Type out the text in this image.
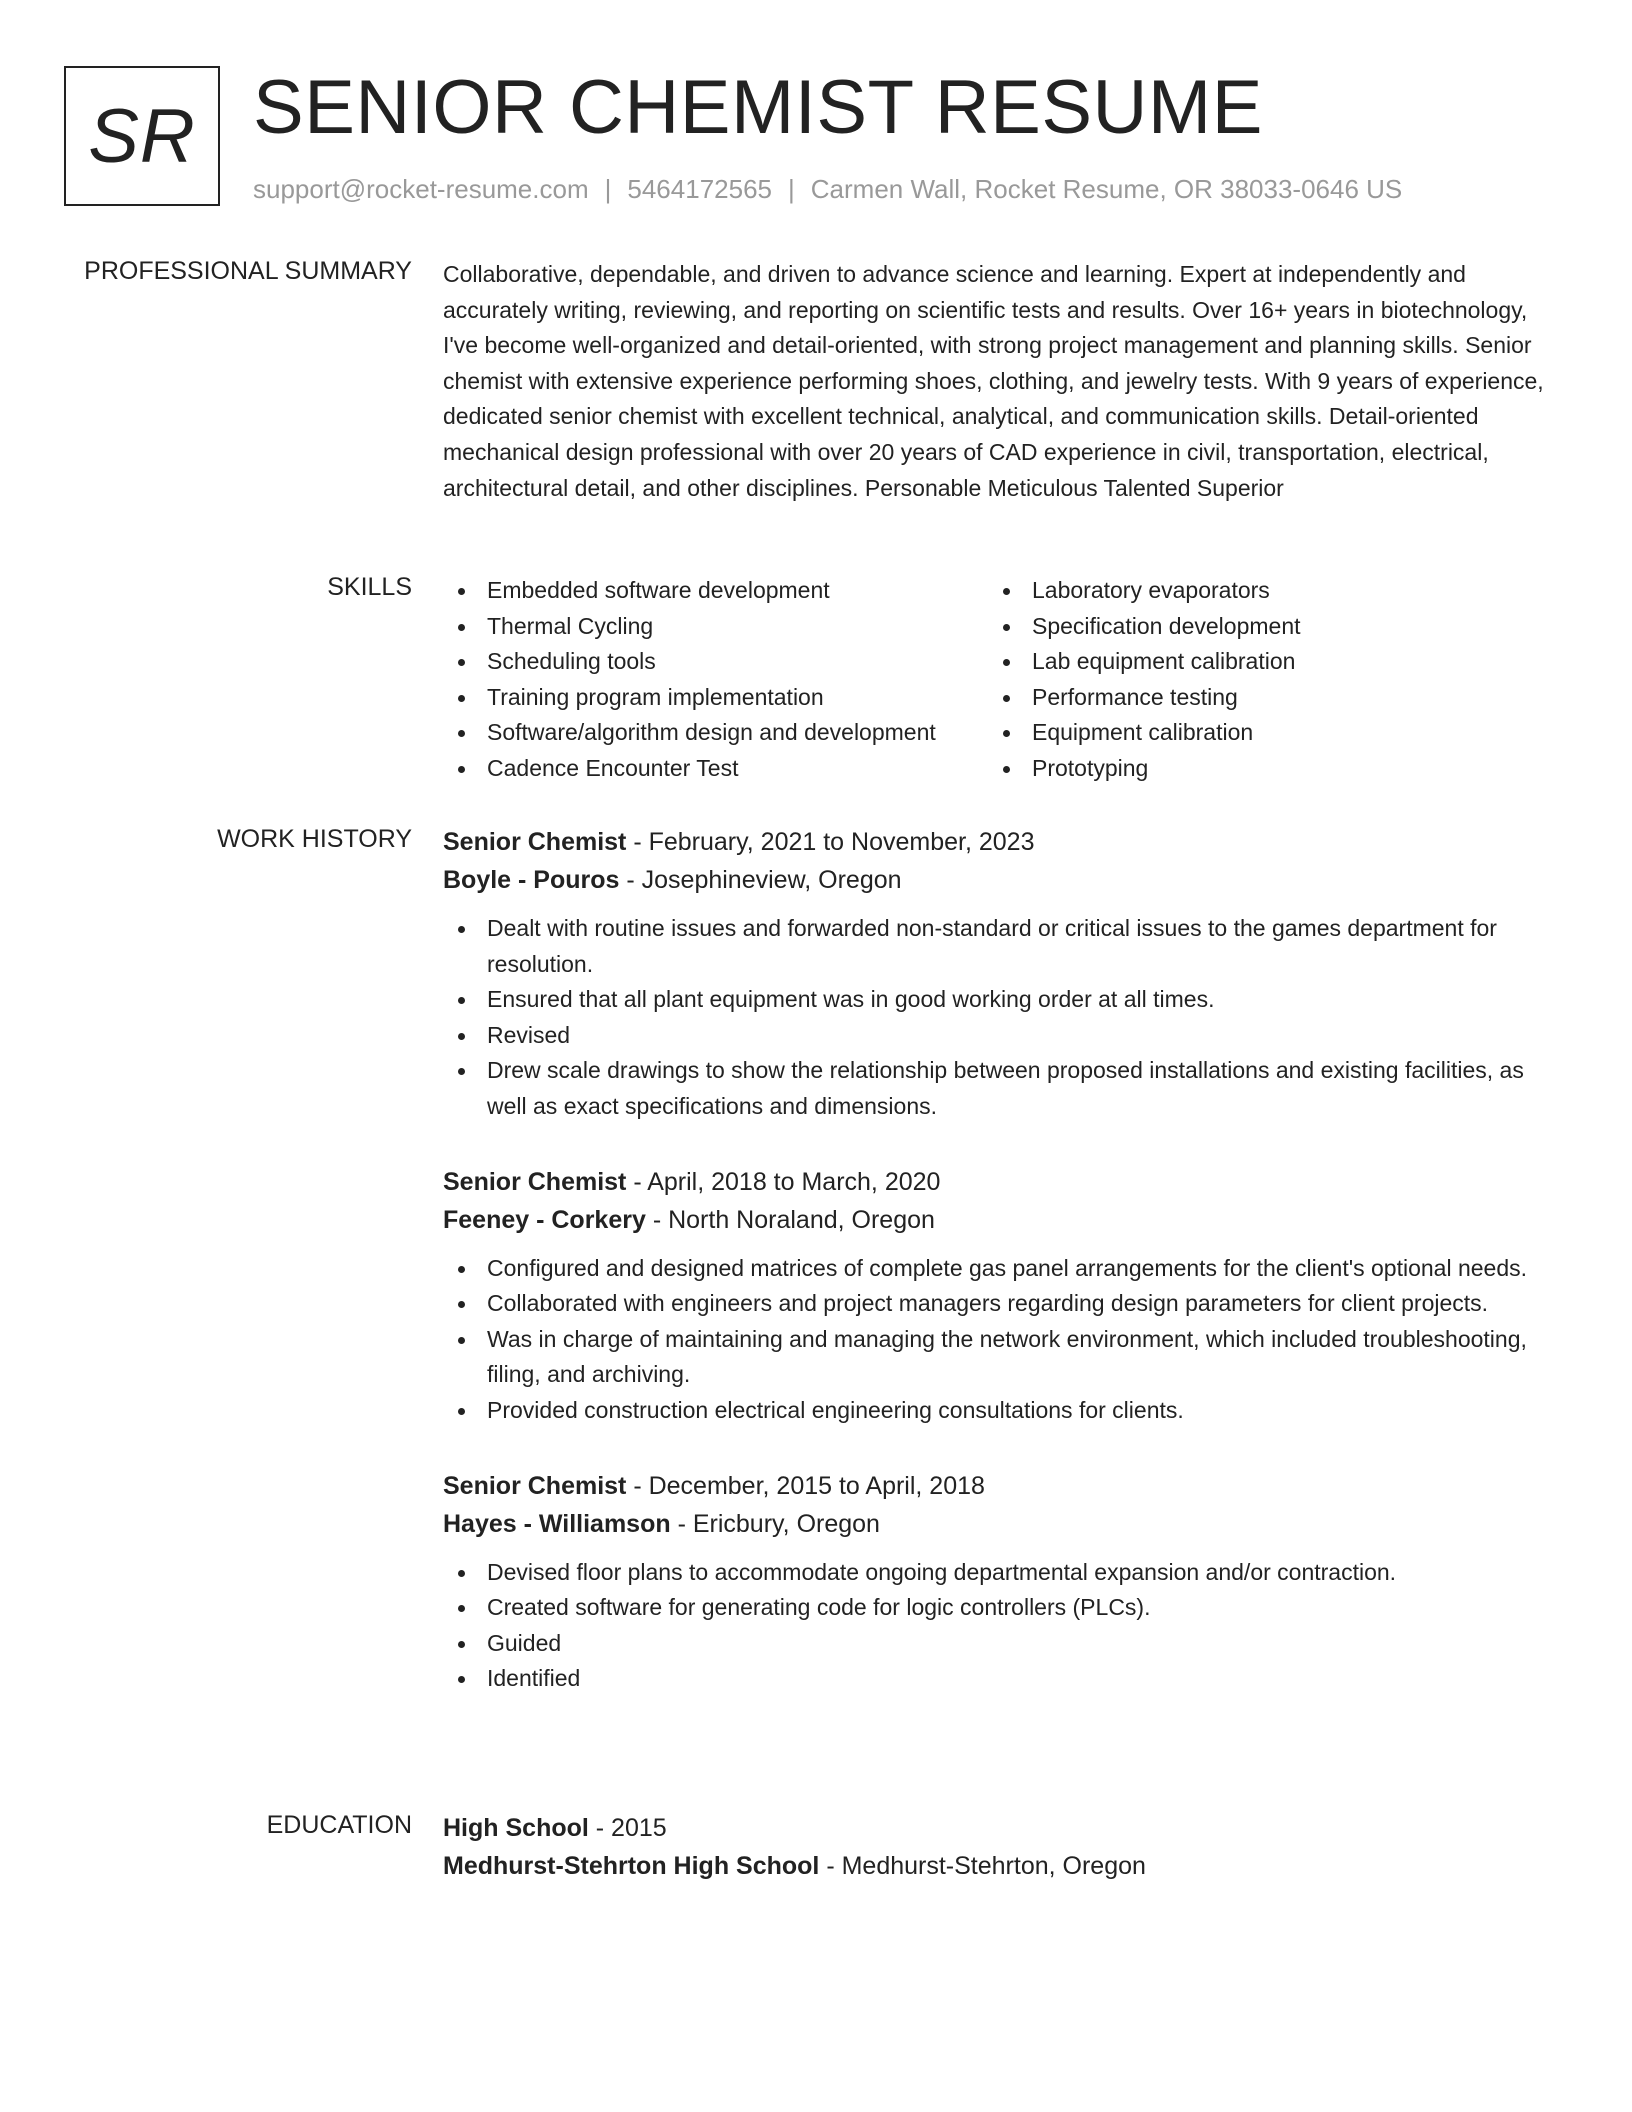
SR SENIOR CHEMIST RESUME
support@rocket-resume.com | 5464172565 | Carmen Wall, Rocket Resume, OR 38033-0646 US
PROFESSIONAL SUMMARY Collaborative, dependable, and driven to advance science and learning. Expert at independently and accurately writing, reviewing, and reporting on scientific tests and results. Over 16+ years in biotechnology, I've become well-organized and detail-oriented, with strong project management and planning skills. Senior chemist with extensive experience performing shoes, clothing, and jewelry tests. With 9 years of experience, dedicated senior chemist with excellent technical, analytical, and communication skills. Detail-oriented mechanical design professional with over 20 years of CAD experience in civil, transportation, electrical, architectural detail, and other disciplines. Personable Meticulous Talented Superior

SKILLS	Embedded software development
Thermal Cycling
Scheduling tools
Training program implementation
Software/algorithm design and development
Cadence Encounter Test
Laboratory evaporators
Specification development
Lab equipment calibration
Performance testing
Equipment calibration
Prototyping
WORK HISTORY Senior Chemist - February, 2021 to November, 2023
Boyle - Pouros - Josephineview, Oregon
Dealt with routine issues and forwarded non-standard or critical issues to the games department for resolution.
Ensured that all plant equipment was in good working order at all times.
Revised
Drew scale drawings to show the relationship between proposed installations and existing facilities, as well as exact specifications and dimensions.
Senior Chemist - April, 2018 to March, 2020
Feeney - Corkery - North Noraland, Oregon
Configured and designed matrices of complete gas panel arrangements for the client's optional needs.
Collaborated with engineers and project managers regarding design parameters for client projects.
Was in charge of maintaining and managing the network environment, which included troubleshooting, filing, and archiving.
Provided construction electrical engineering consultations for clients.
Senior Chemist - December, 2015 to April, 2018
Hayes - Williamson - Ericbury, Oregon
Devised floor plans to accommodate ongoing departmental expansion and/or contraction.
Created software for generating code for logic controllers (PLCs).
Guided
Identified
EDUCATION High School - 2015
Medhurst-Stehrton High School - Medhurst-Stehrton, Oregon
